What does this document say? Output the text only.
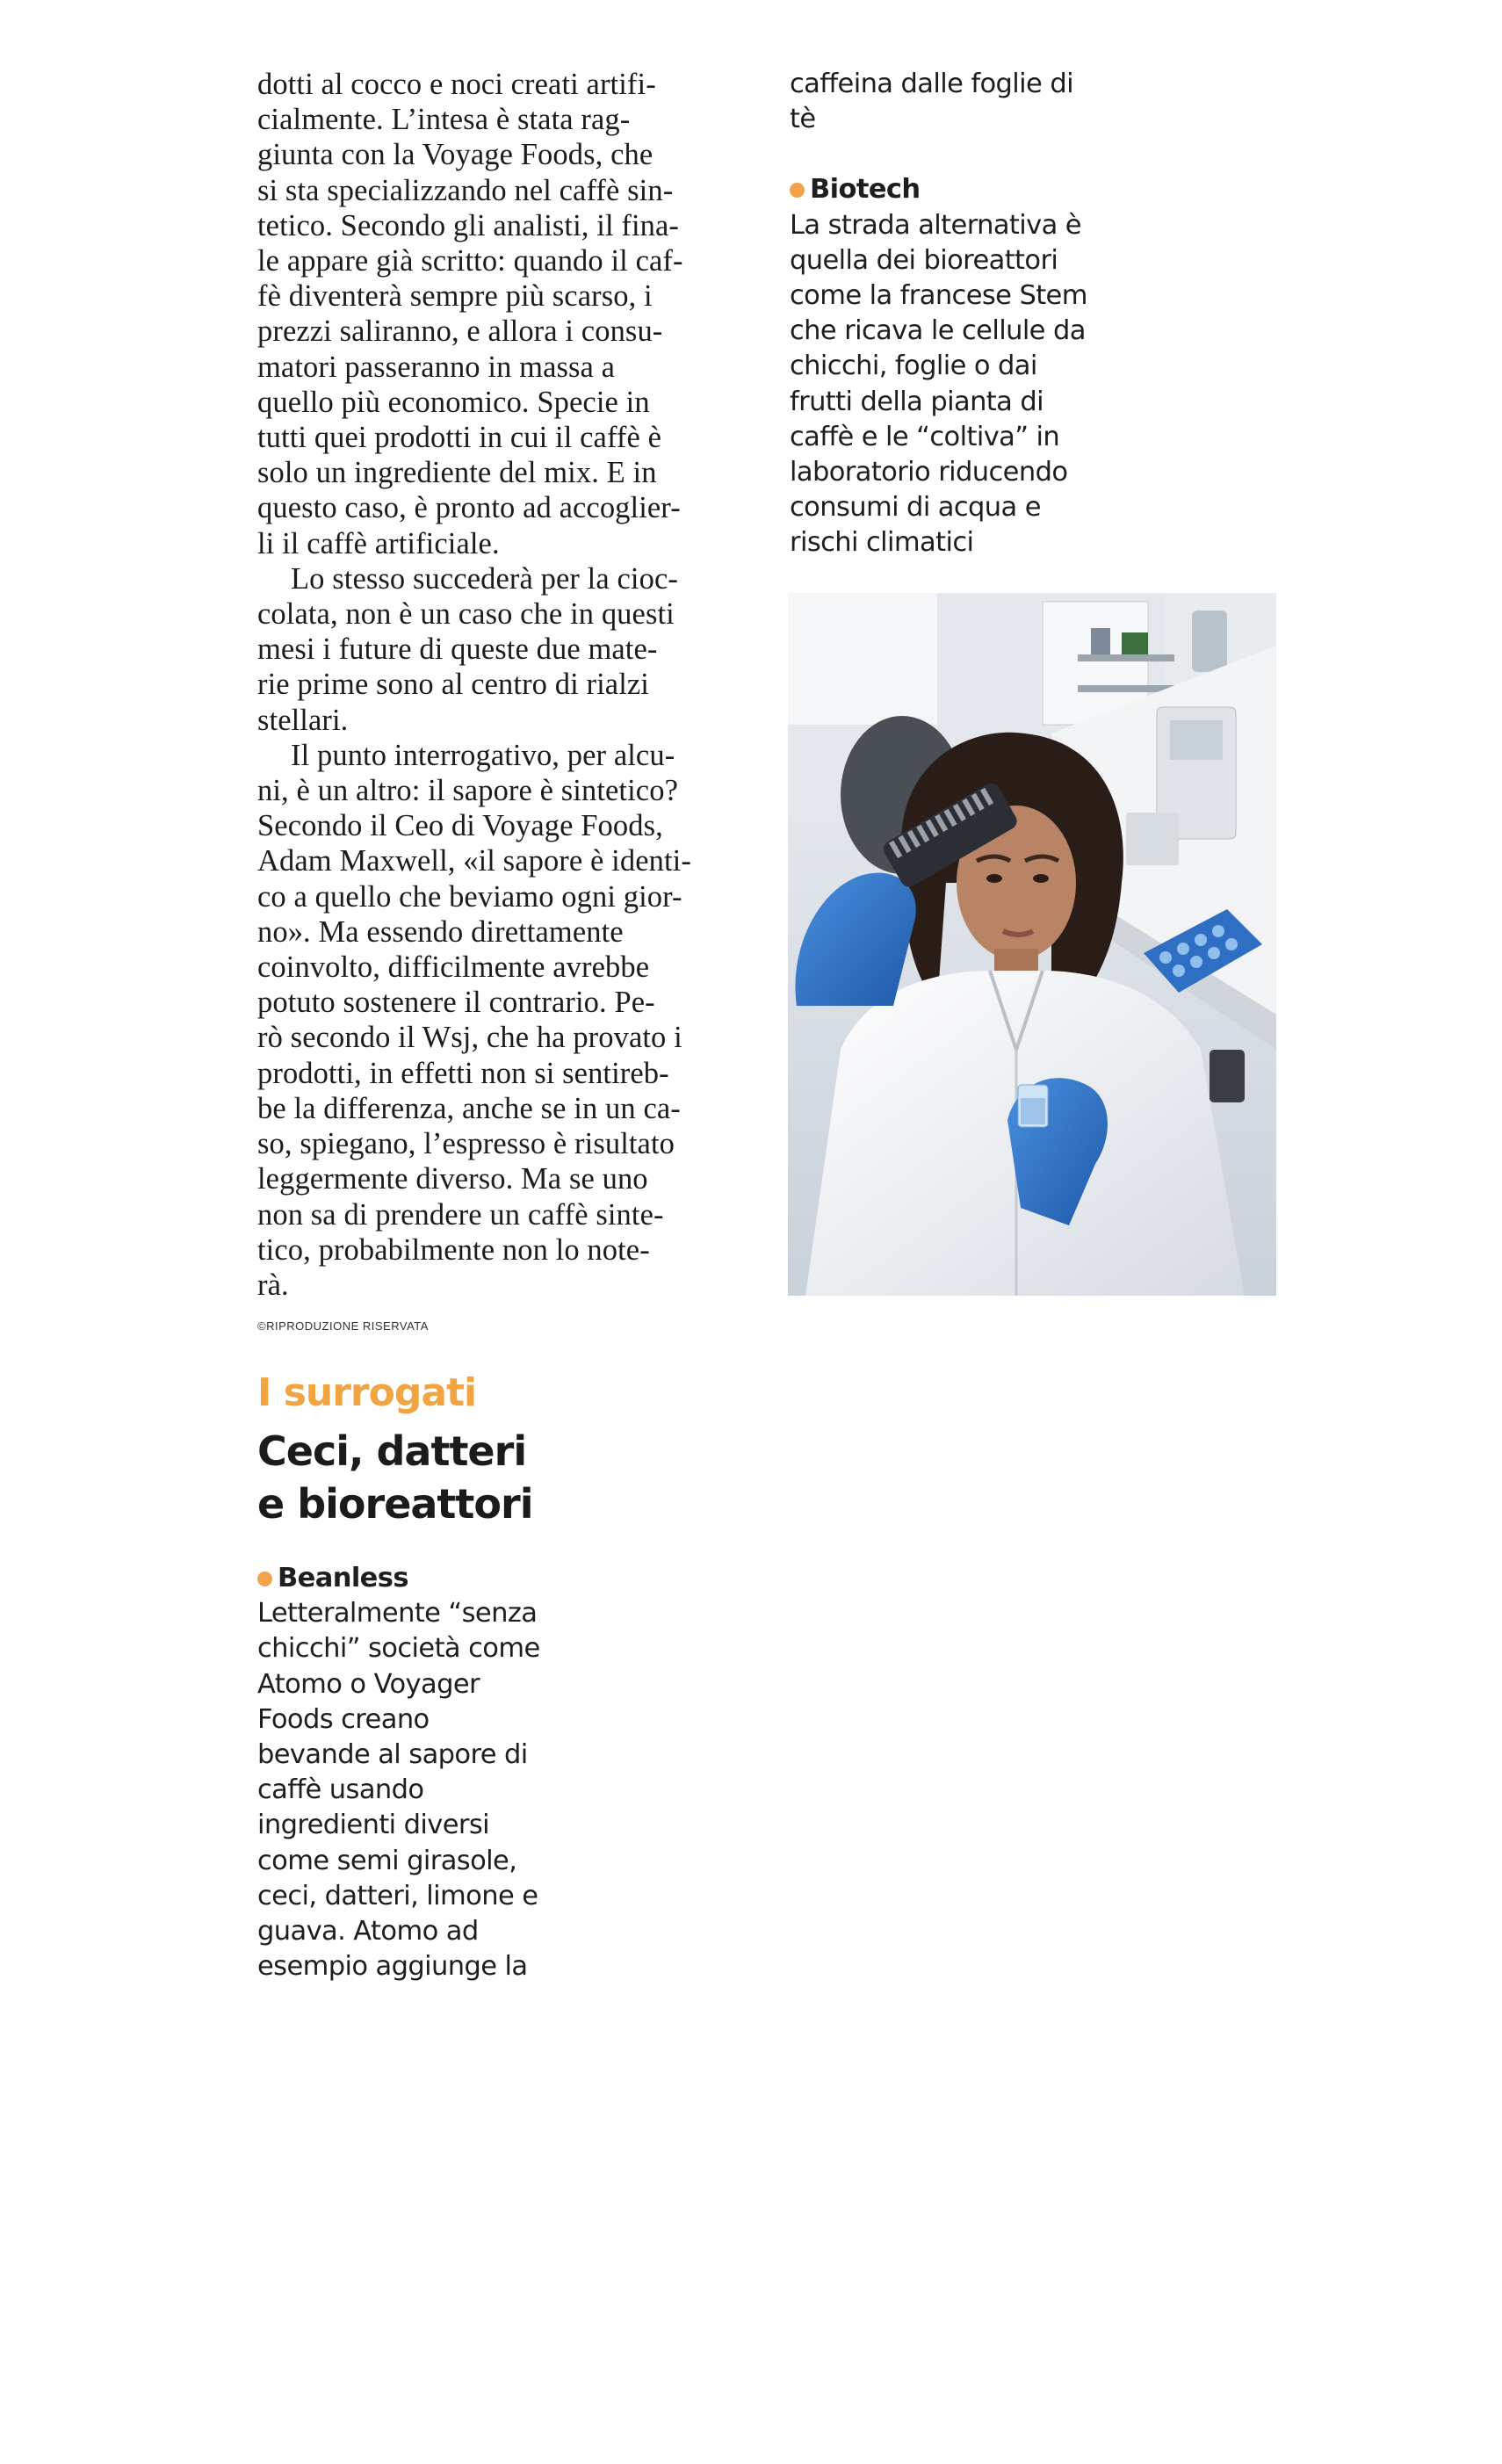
dotti al cocco e noci creati artifi-
cialmente. L’intesa è stata rag-
giunta con la Voyage Foods, che
si sta specializzando nel caffè sin-
tetico. Secondo gli analisti, il fina-
le appare già scritto: quando il caf-
fè diventerà sempre più scarso, i
prezzi saliranno, e allora i consu-
matori passeranno in massa a
quello più economico. Specie in
tutti quei prodotti in cui il caffè è
solo un ingrediente del mix. E in
questo caso, è pronto ad accoglier-
li il caffè artificiale.

Lo stesso succederà per la cioc-
colata, non è un caso che in questi
mesi i future di queste due mate-
rie prime sono al centro di rialzi
stellari.

Il punto interrogativo, per alcu-
ni, è un altro: il sapore è sintetico?
Secondo il Ceo di Voyage Foods,
Adam Maxwell, «il sapore è identi-
co a quello che beviamo ogni gior-
no». Ma essendo direttamente
coinvolto, difficilmente avrebbe
potuto sostenere il contrario. Pe-
rò secondo il Wsj, che ha provato i
prodotti, in effetti non si sentireb-
be la differenza, anche se in un ca-
so, spiegano, l’espresso è risultato
leggermente diverso. Ma se uno
non sa di prendere un caffè sinte-
tico, probabilmente non lo note-
rà.

©RIPRODUZIONE RISERVATA
caffeina dalle foglie di
tè
Biotech
La strada alternativa è
quella dei bioreattori
come la francese Stem
che ricava le cellule da
chicchi, foglie o dai
frutti della pianta di
caffè e le “coltiva” in
laboratorio riducendo
consumi di acqua e
rischi climatici
I surrogati
Ceci, datteri
e bioreattori
Beanless
Letteralmente “senza
chicchi” società come
Atomo o Voyager
Foods creano
bevande al sapore di
caffè usando
ingredienti diversi
come semi girasole,
ceci, datteri, limone e
guava. Atomo ad
esempio aggiunge la
